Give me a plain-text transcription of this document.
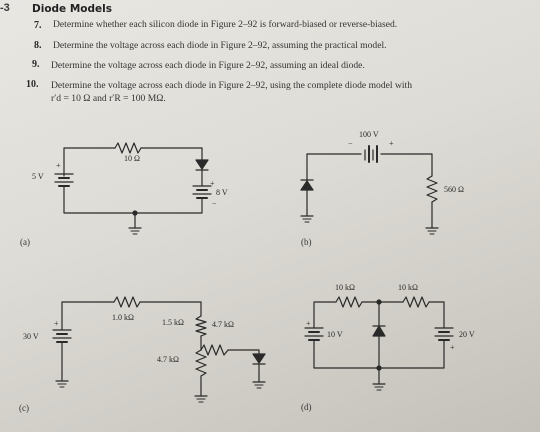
-3 Diode Models
7. Determine whether each silicon diode in Figure 2–92 is forward-biased or reverse-biased.
8. Determine the voltage across each diode in Figure 2–92, assuming the practical model.
9. Determine the voltage across each diode in Figure 2–92, assuming an ideal diode.
10. Determine the voltage across each diode in Figure 2–92, using the complete diode model with
r′d = 10 Ω and r′R = 100 MΩ.
+
+
−
+
−
+	+
+
10 Ω
5 V
8 V
(a)
100 V
560 Ω
(b)
1.0 kΩ
1.5 kΩ	4.7 kΩ
4.7 kΩ
30 V
(c)
10 kΩ	10 kΩ
10 V	20 V
(d)
